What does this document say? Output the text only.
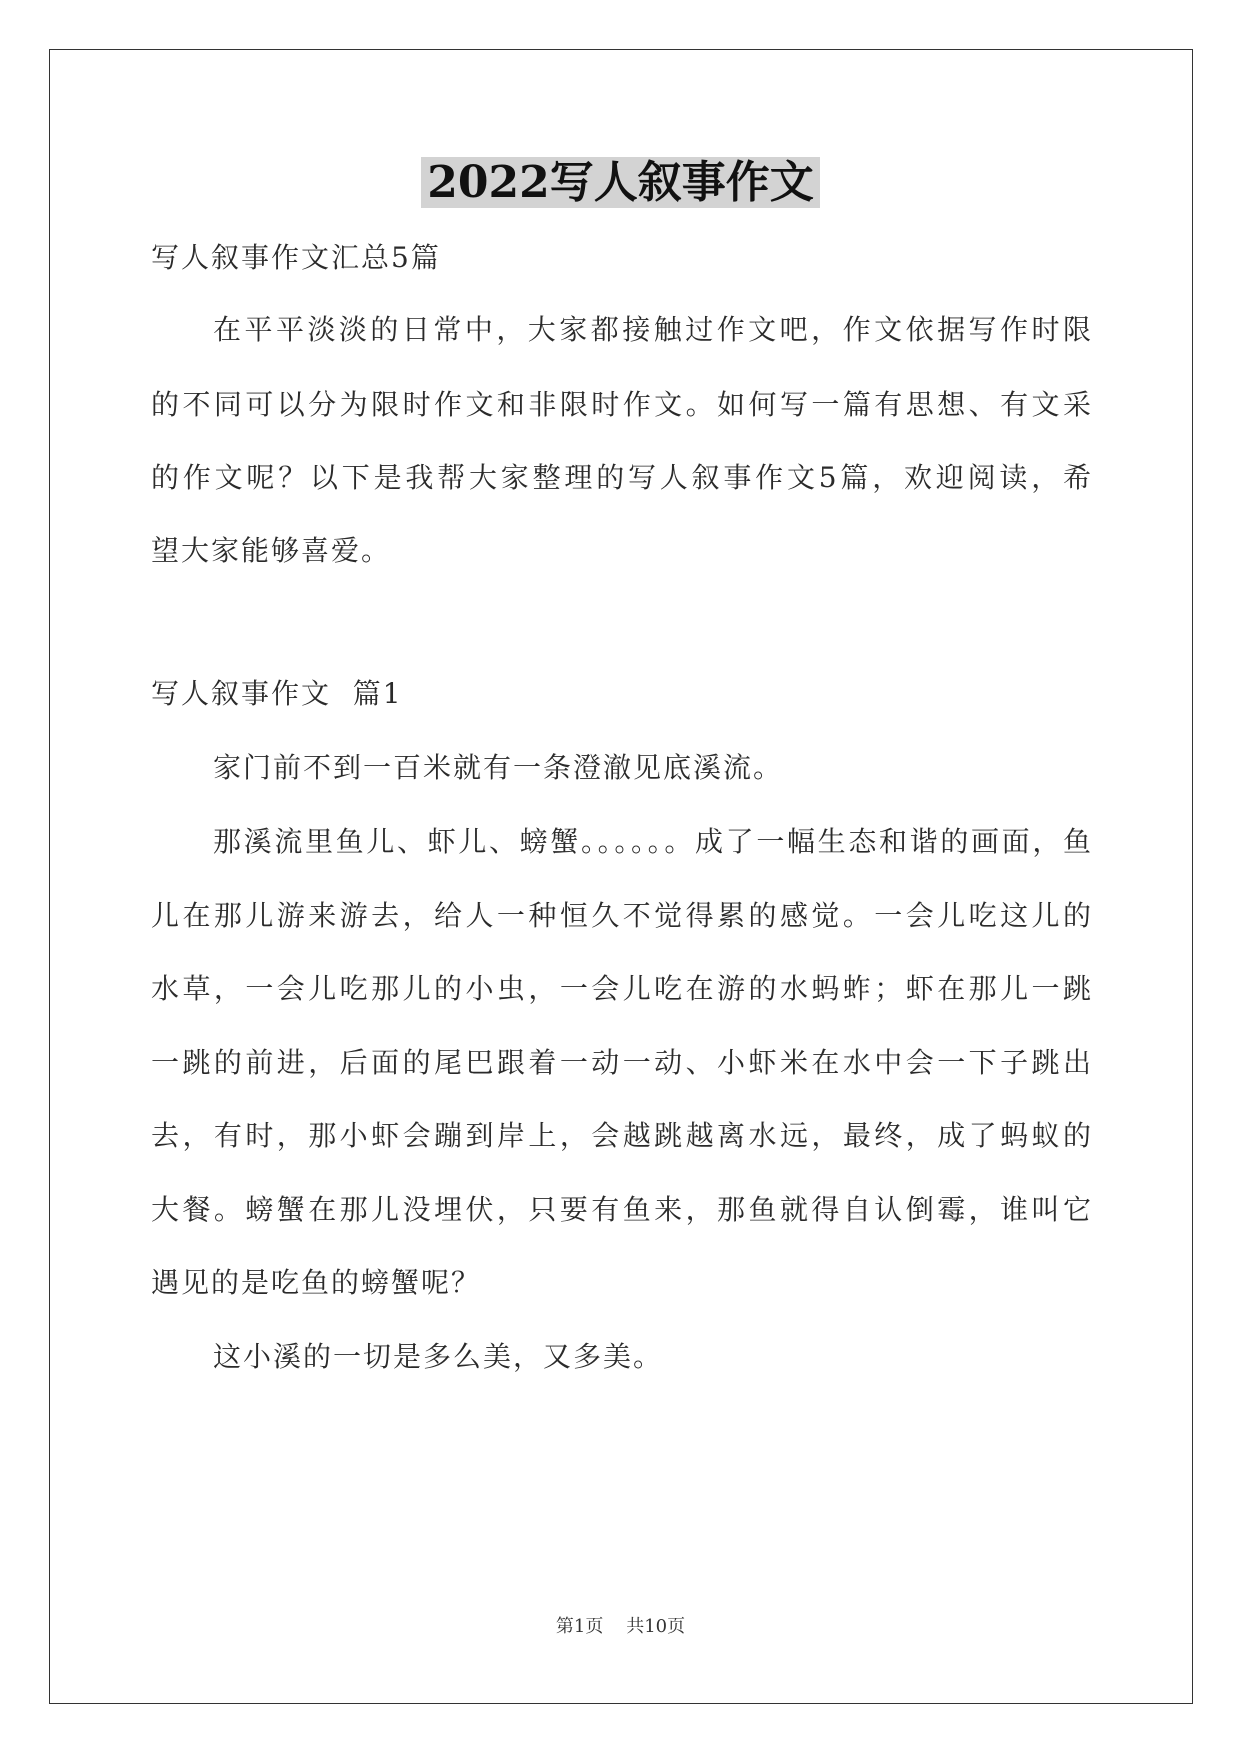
2022写人叙事作文
写人叙事作文汇总5篇
在平平淡淡的日常中，大家都接触过作文吧，作文依据写作时限
的不同可以分为限时作文和非限时作文。如何写一篇有思想、有文采
的作文呢？以下是我帮大家整理的写人叙事作文5篇，欢迎阅读，希
望大家能够喜爱。
写人叙事作文  篇1
家门前不到一百米就有一条澄澈见底溪流。
那溪流里鱼儿、虾儿、螃蟹。。。。。。成了一幅生态和谐的画面，鱼
儿在那儿游来游去，给人一种恒久不觉得累的感觉。一会儿吃这儿的
水草，一会儿吃那儿的小虫，一会儿吃在游的水蚂蚱；虾在那儿一跳
一跳的前进，后面的尾巴跟着一动一动、小虾米在水中会一下子跳出
去，有时，那小虾会蹦到岸上，会越跳越离水远，最终，成了蚂蚁的
大餐。螃蟹在那儿没埋伏，只要有鱼来，那鱼就得自认倒霉，谁叫它
遇见的是吃鱼的螃蟹呢？
这小溪的一切是多么美，又多美。
第1页    共10页
